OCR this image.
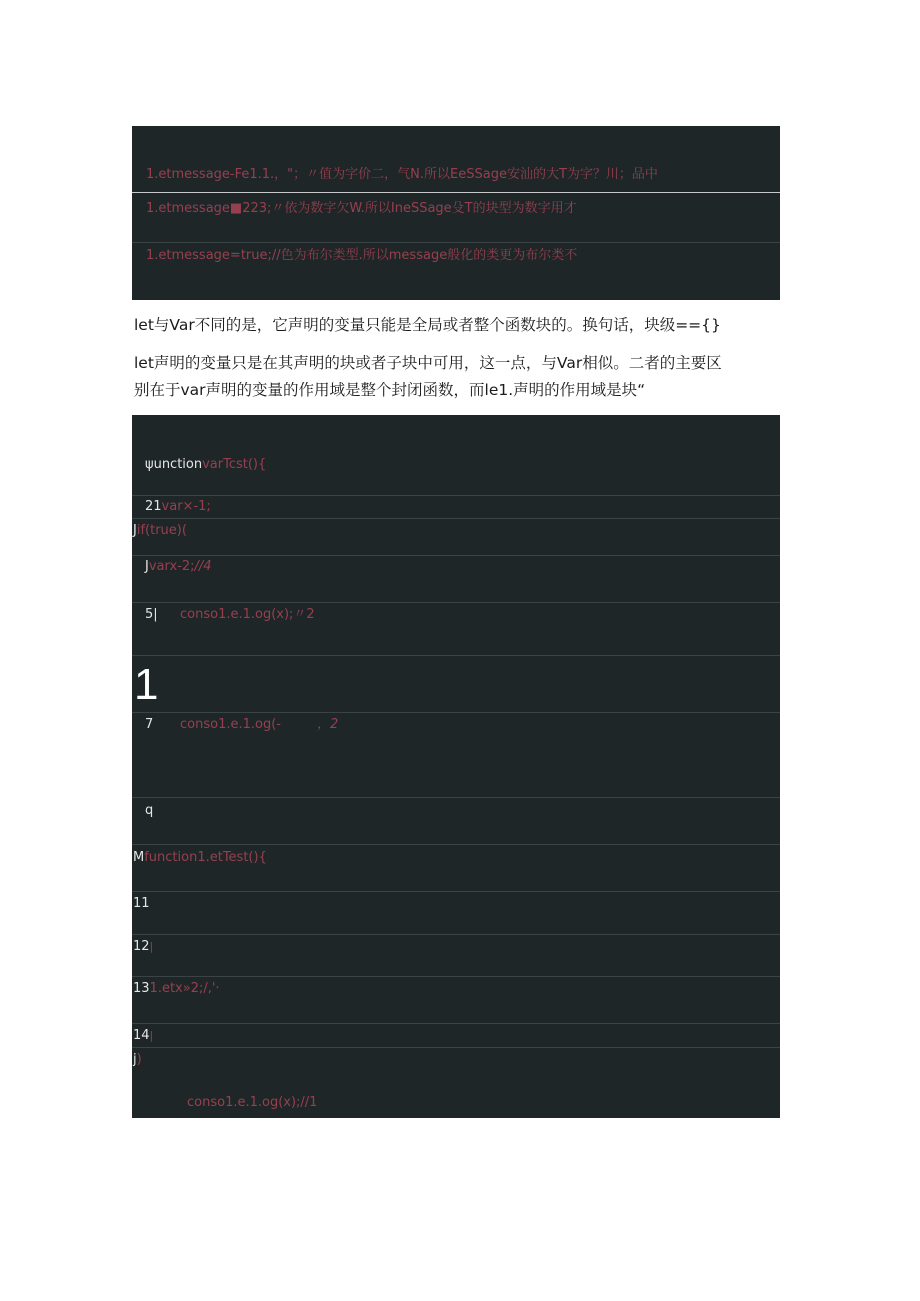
1.etmessage-Fe1.1.，"；〃值为字价二，气N.所以EeSSage安汕的大T为字？川；品中
1.etmessage■223;〃依为数字欠W.所以IneSSage殳T的块型为数字用才
1.etmessage=true;//色为布尔类型.所以message般化的类更为布尔类不
let与Var不同的是，它声明的变量只能是全局或者整个函数块的。换句话，块级=={}
let声明的变量只是在其声明的块或者子块中可用，这一点，与Var相似。二者的主要区
别在于var声明的变量的作用域是整个封闭函数，而le1.声明的作用域是块“
ψunctionvarTcst(){
21var×-1;
Jif(true)(
Jvarx-2;//4
5| conso1.e.1.og(x);〃2
1
7 conso1.e.1.og(-	，2
q
Mfunction1.etTest(){
11
12|
131.etx»2;/,'·
14|
j)
conso1.e.1.og(x);//1
